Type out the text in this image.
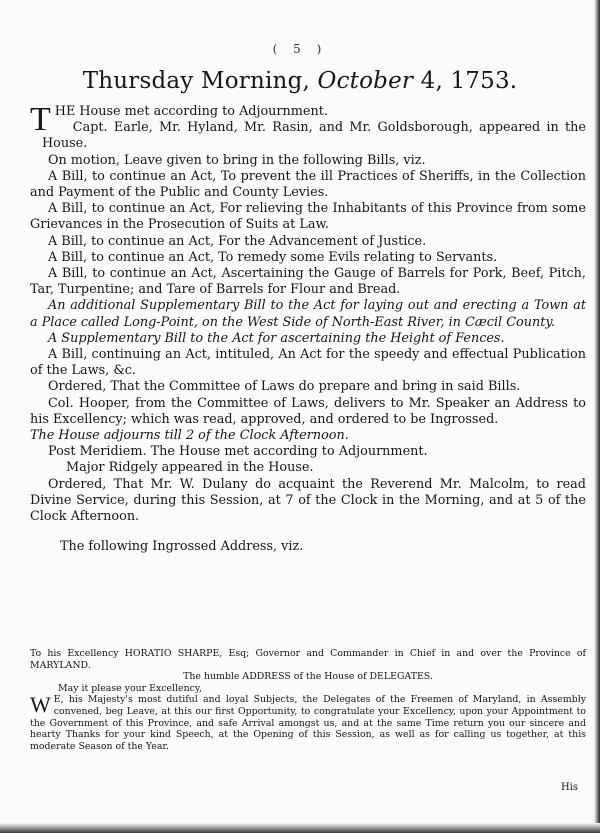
( 5 )
Thursday Morning, October 4, 1753.

T HE House met according to Adjournment.

Capt. Earle, Mr. Hyland, Mr. Rasin, and Mr. Goldsborough, appeared in the House.

On motion, Leave given to bring in the following Bills, viz.

A Bill, to continue an Act, To prevent the ill Practices of Sheriffs, in the Collection and Payment of the Public and County Levies.

A Bill, to continue an Act, For relieving the Inhabitants of this Province from some Grievances in the Prosecution of Suits at Law.

A Bill, to continue an Act, For the Advancement of Justice.

A Bill, to continue an Act, To remedy some Evils relating to Servants.

A Bill, to continue an Act, Ascertaining the Gauge of Barrels for Pork, Beef, Pitch, Tar, Turpentine; and Tare of Barrels for Flour and Bread.

An additional Supplementary Bill to the Act for laying out and erecting a Town at a Place called Long-Point, on the West Side of North-East River, in Cæcil County.

A Supplementary Bill to the Act for ascertaining the Height of Fences.

A Bill, continuing an Act, intituled, An Act for the speedy and effectual Publication of the Laws, &c.

Ordered, That the Committee of Laws do prepare and bring in said Bills.

Col. Hooper, from the Committee of Laws, delivers to Mr. Speaker an Address to his Excellency; which was read, approved, and ordered to be Ingrossed.

The House adjourns till 2 of the Clock Afternoon.

Post Meridiem. The House met according to Adjournment.

Major Ridgely appeared in the House.

Ordered, That Mr. W. Dulany do acquaint the Reverend Mr. Malcolm, to read Divine Service, during this Session, at 7 of the Clock in the Morning, and at 5 of the Clock Afternoon.

The following Ingrossed Address, viz.

To his Excellency HORATIO SHARPE, Esq; Governor and Commander in Chief in and over the Province of MARYLAND.

The humble ADDRESS of the House of DELEGATES.

May it please your Excellency,

W E, his Majesty's most dutiful and loyal Subjects, the Delegates of the Freemen of Maryland, in Assembly convened, beg Leave, at this our first Opportunity, to congratulate your Excellency, upon your Appointment to the Government of this Province, and safe Arrival amongst us, and at the same Time return you our sincere and hearty Thanks for your kind Speech, at the Opening of this Session, as well as for calling us together, at this moderate Season of the Year.

His
